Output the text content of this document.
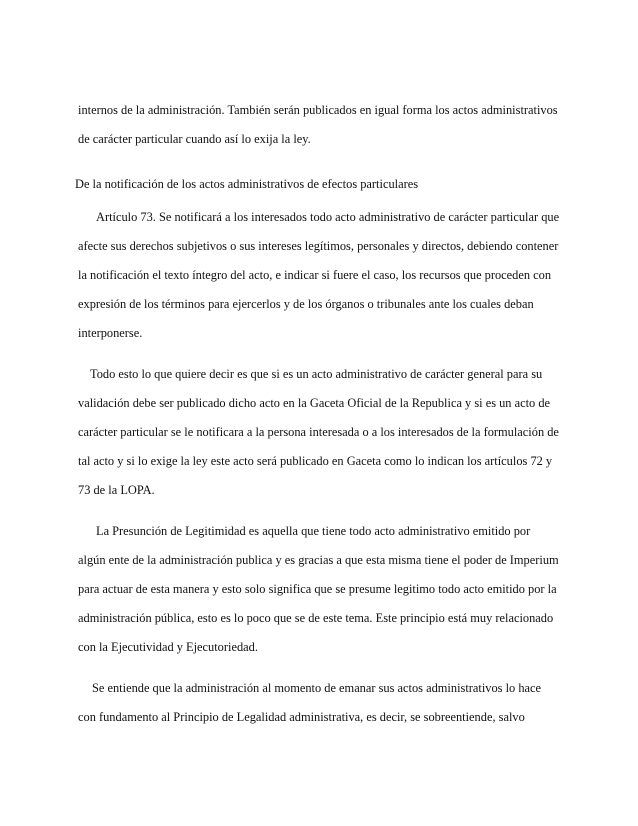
internos de la administración. También serán publicados en igual forma los actos administrativos
de carácter particular cuando así lo exija la ley.
De la notificación de los actos administrativos de efectos particulares
Artículo 73. Se notificará a los interesados todo acto administrativo de carácter particular que
afecte sus derechos subjetivos o sus intereses legítimos, personales y directos, debiendo contener
la notificación el texto íntegro del acto, e indicar si fuere el caso, los recursos que proceden con
expresión de los términos para ejercerlos y de los órganos o tribunales ante los cuales deban
interponerse.
Todo esto lo que quiere decir es que si es un acto administrativo de carácter general para su
validación debe ser publicado dicho acto en la Gaceta Oficial de la Republica y si es un acto de
carácter particular se le notificara a la persona interesada o a los interesados de la formulación de
tal acto y si lo exige la ley este acto será publicado en Gaceta como lo indican los artículos 72 y
73 de la LOPA.
La Presunción de Legitimidad es aquella que tiene todo acto administrativo emitido por
algún ente de la administración publica y es gracias a que esta misma tiene el poder de Imperium
para actuar de esta manera y esto solo significa que se presume legitimo todo acto emitido por la
administración pública, esto es lo poco que se de este tema. Este principio está muy relacionado
con la Ejecutividad y Ejecutoriedad.
Se entiende que la administración al momento de emanar sus actos administrativos lo hace
con fundamento al Principio de Legalidad administrativa, es decir, se sobreentiende, salvo
